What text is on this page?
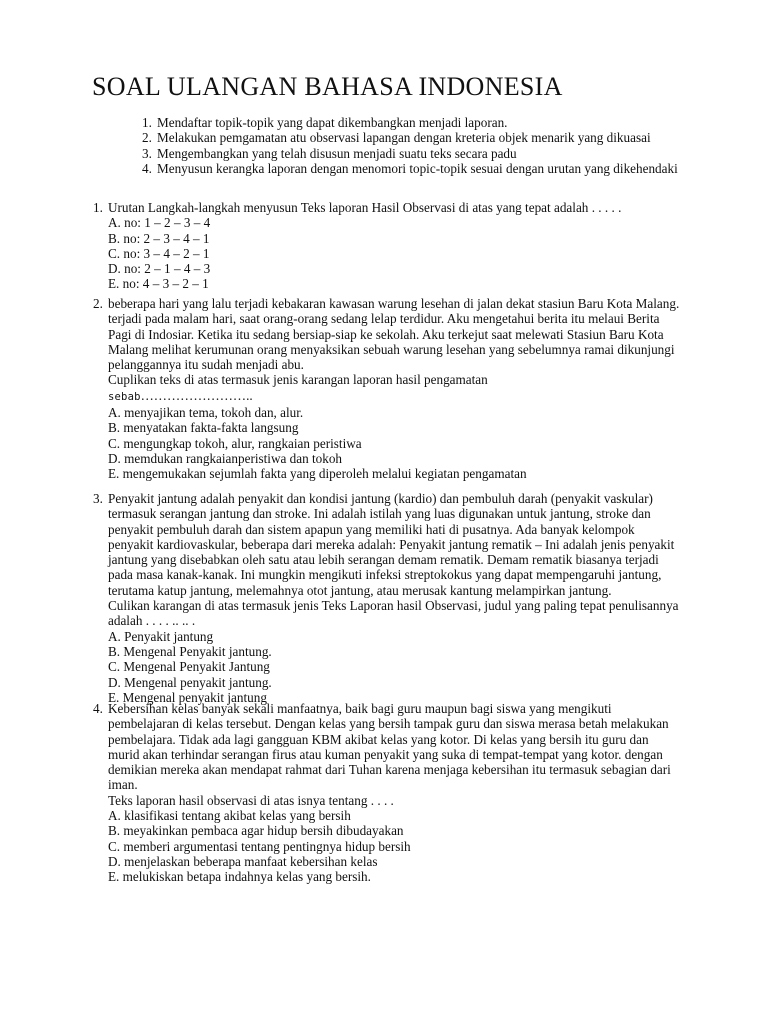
SOAL ULANGAN BAHASA INDONESIA
1. Mendaftar topik-topik yang dapat dikembangkan menjadi laporan.
2. Melakukan pemgamatan atu observasi lapangan dengan kreteria objek menarik yang dikuasai
3. Mengembangkan yang telah disusun menjadi suatu teks secara padu
4. Menyusun kerangka laporan dengan menomori topic-topik sesuai dengan urutan yang dikehendaki
1. Urutan Langkah-langkah menyusun Teks laporan Hasil Observasi di atas yang tepat adalah . . . . .

A. no: 1 – 2 – 3 – 4

B. no: 2 – 3 – 4 – 1

C. no: 3 – 4 – 2 – 1

D. no: 2 – 1 – 4 – 3

E. no: 4 – 3 – 2 – 1

2. beberapa hari yang lalu terjadi kebakaran kawasan warung lesehan di jalan dekat stasiun Baru Kota Malang. terjadi pada malam hari, saat orang-orang sedang lelap terdidur. Aku mengetahui berita itu melaui Berita Pagi di Indosiar. Ketika itu sedang bersiap-siap ke sekolah. Aku terkejut saat melewati Stasiun Baru Kota Malang melihat kerumunan orang menyaksikan sebuah warung lesehan yang sebelumnya ramai dikunjungi pelanggannya itu sudah menjadi abu.

Cuplikan teks di atas termasuk jenis karangan laporan hasil pengamatan

sebab……………………..

A. menyajikan tema, tokoh dan, alur.

B. menyatakan fakta-fakta langsung

C. mengungkap tokoh, alur, rangkaian peristiwa

D. memdukan rangkaianperistiwa dan tokoh

E. mengemukakan sejumlah fakta yang diperoleh melalui kegiatan pengamatan

3. Penyakit jantung adalah penyakit dan kondisi jantung (kardio) dan pembuluh darah (penyakit vaskular) termasuk serangan jantung dan stroke. Ini adalah istilah yang luas digunakan untuk jantung, stroke dan penyakit pembuluh darah dan sistem apapun yang memiliki hati di pusatnya. Ada banyak kelompok penyakit kardiovaskular, beberapa dari mereka adalah: Penyakit jantung rematik – Ini adalah jenis penyakit jantung yang disebabkan oleh satu atau lebih serangan demam rematik. Demam rematik biasanya terjadi pada masa kanak-kanak. Ini mungkin mengikuti infeksi streptokokus yang dapat mempengaruhi jantung, terutama katup jantung, melemahnya otot jantung, atau merusak kantung melampirkan jantung.

Culikan karangan di atas termasuk jenis Teks Laporan hasil Observasi, judul yang paling tepat penulisannya adalah . . . . .. .. .

A. Penyakit jantung

B. Mengenal Penyakit jantung.

C. Mengenal Penyakit Jantung

D. Mengenal penyakit jantung.

E. Mengenal penyakit jantung

4. Kebersihan kelas banyak sekali manfaatnya, baik bagi guru maupun bagi siswa yang mengikuti pembelajaran di kelas tersebut. Dengan kelas yang bersih tampak guru dan siswa merasa betah melakukan pembelajara. Tidak ada lagi gangguan KBM akibat kelas yang kotor. Di kelas yang bersih itu guru dan murid akan terhindar serangan firus atau kuman penyakit yang suka di tempat-tempat yang kotor. dengan demikian mereka akan mendapat rahmat dari Tuhan karena menjaga kebersihan itu termasuk sebagian dari iman.

Teks laporan hasil observasi di atas isnya tentang . . . .

A. klasifikasi tentang akibat kelas yang bersih

B. meyakinkan pembaca agar hidup bersih dibudayakan

C. memberi argumentasi tentang pentingnya hidup bersih

D. menjelaskan beberapa manfaat kebersihan kelas

E. melukiskan betapa indahnya kelas yang bersih.
